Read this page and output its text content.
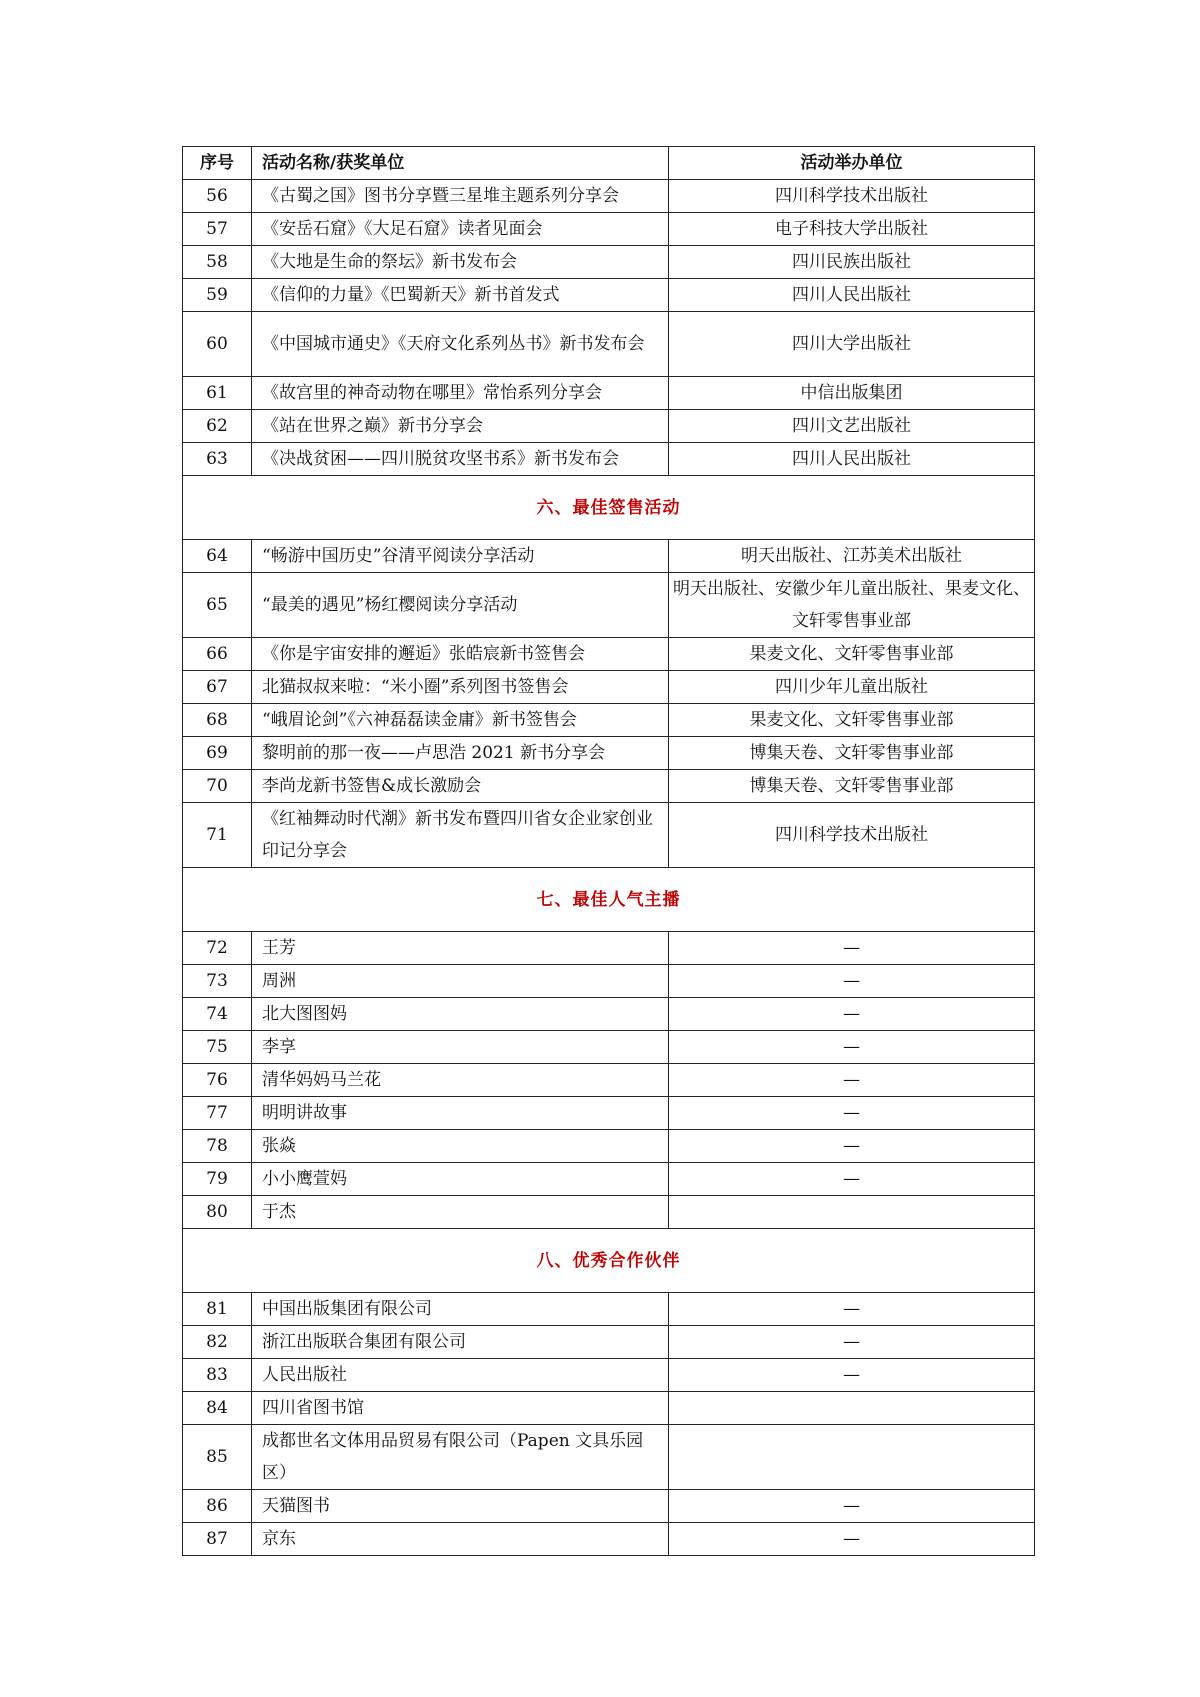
序号	活动名称/获奖单位	活动举办单位
56	《古蜀之国》图书分享暨三星堆主题系列分享会	四川科学技术出版社
57	《安岳石窟》《大足石窟》读者见面会	电子科技大学出版社
58	《大地是生命的祭坛》新书发布会	四川民族出版社
59	《信仰的力量》《巴蜀新天》新书首发式	四川人民出版社
60	《中国城市通史》《天府文化系列丛书》新书发布会	四川大学出版社
61	《故宫里的神奇动物在哪里》常怡系列分享会	中信出版集团
62	《站在世界之巅》新书分享会	四川文艺出版社
63	《决战贫困——四川脱贫攻坚书系》新书发布会	四川人民出版社
六、最佳签售活动		
64	“畅游中国历史”谷清平阅读分享活动	明天出版社、江苏美术出版社
65	“最美的遇见”杨红樱阅读分享活动	明天出版社、安徽少年儿童出版社、果麦文化、文轩零售事业部
66	《你是宇宙安排的邂逅》张皓宸新书签售会	果麦文化、文轩零售事业部
67	北猫叔叔来啦：“米小圈”系列图书签售会	四川少年儿童出版社
68	“峨眉论剑”《六神磊磊读金庸》新书签售会	果麦文化、文轩零售事业部
69	黎明前的那一夜——卢思浩 2021 新书分享会	博集天卷、文轩零售事业部
70	李尚龙新书签售&成长激励会	博集天卷、文轩零售事业部
71	《红袖舞动时代潮》新书发布暨四川省女企业家创业印记分享会	四川科学技术出版社
七、最佳人气主播		
72	王芳	—
73	周洲	—
74	北大图图妈	—
75	李享	—
76	清华妈妈马兰花	—
77	明明讲故事	—
78	张焱	—
79	小小鹰萱妈	—
80	于杰	
八、优秀合作伙伴		
81	中国出版集团有限公司	—
82	浙江出版联合集团有限公司	—
83	人民出版社	—
84	四川省图书馆	
85	成都世名文体用品贸易有限公司（Papen 文具乐园区）	
86	天猫图书	—
87	京东	—
